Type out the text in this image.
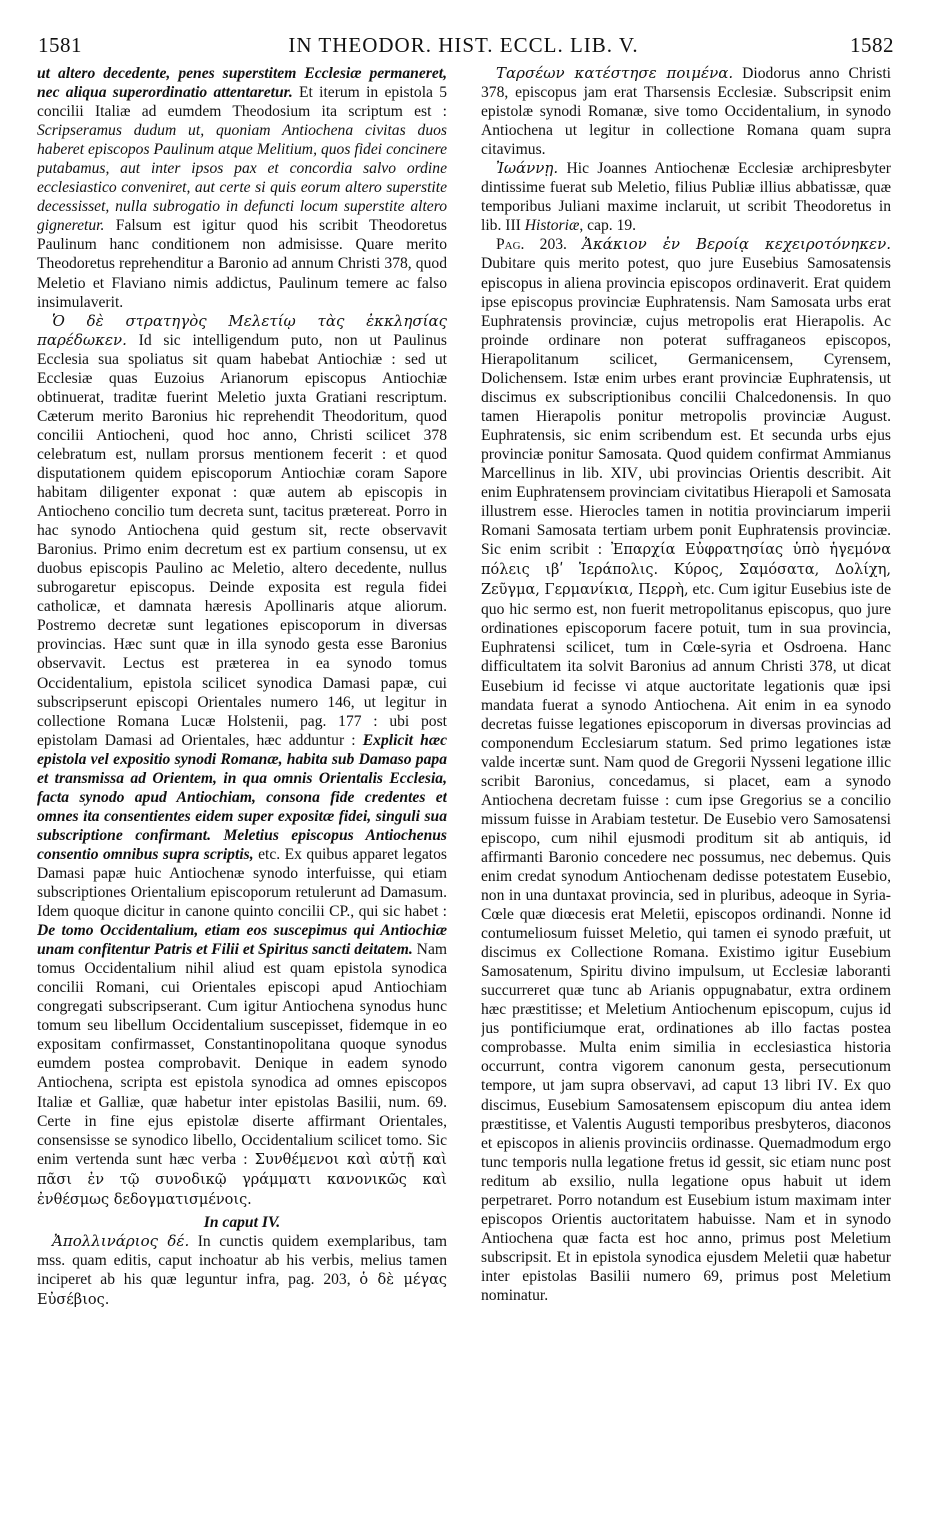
1581	IN THEODOR. HIST. ECCL. LIB. V.	1582

ut altero decedente, penes superstitem Ecclesiæ permaneret, nec aliqua superordinatio attentaretur. Et iterum in epistola 5 concilii Italiæ ad eumdem Theodosium ita scriptum est : Scripseramus dudum ut, quoniam Antiochena civitas duos haberet episcopos Paulinum atque Melitium, quos fidei concinere putabamus, aut inter ipsos pax et concordia salvo ordine ecclesiastico conveniret, aut certe si quis eorum altero superstite decessisset, nulla subrogatio in defuncti locum superstite altero gigneretur. Falsum est igitur quod his scribit Theodoretus Paulinum hanc conditionem non admisisse. Quare merito Theodoretus reprehenditur a Baronio ad annum Christi 378, quod Meletio et Flaviano nimis addictus, Paulinum temere ac falso insimulaverit.

Ὁ δὲ στρατηγὸς Μελετίῳ τὰς ἐκκλησίας παρέδωκεν. Id sic intelligendum puto, non ut Paulinus Ecclesia sua spoliatus sit quam habebat Antiochiæ : sed ut Ecclesiæ quas Euzoius Arianorum episcopus Antiochiæ obtinuerat, traditæ fuerint Meletio juxta Gratiani rescriptum. Cæterum merito Baronius hic reprehendit Theodoritum, quod concilii Antiocheni, quod hoc anno, Christi scilicet 378 celebratum est, nullam prorsus mentionem fecerit : et quod disputationem quidem episcoporum Antiochiæ coram Sapore habitam diligenter exponat : quæ autem ab episcopis in Antiocheno concilio tum decreta sunt, tacitus prætereat. Porro in hac synodo Antiochena quid gestum sit, recte observavit Baronius. Primo enim decretum est ex partium consensu, ut ex duobus episcopis Paulino ac Meletio, altero decedente, nullus subrogaretur episcopus. Deinde exposita est regula fidei catholicæ, et damnata hæresis Apollinaris atque aliorum. Postremo decretæ sunt legationes episcoporum in diversas provincias. Hæc sunt quæ in illa synodo gesta esse Baronius observavit. Lectus est præterea in ea synodo tomus Occidentalium, epistola scilicet synodica Damasi papæ, cui subscripserunt episcopi Orientales numero 146, ut legitur in collectione Romana Lucæ Holstenii, pag. 177 : ubi post epistolam Damasi ad Orientales, hæc adduntur : Explicit hæc epistola vel expositio synodi Romanæ, habita sub Damaso papa et transmissa ad Orientem, in qua omnis Orientalis Ecclesia, facta synodo apud Antiochiam, consona fide credentes et omnes ita consentientes eidem super expositæ fidei, singuli sua subscriptione confirmant. Meletius episcopus Antiochenus consentio omnibus supra scriptis, etc. Ex quibus apparet legatos Damasi papæ huic Antiochenæ synodo interfuisse, qui etiam subscriptiones Orientalium episcoporum retulerunt ad Damasum. Idem quoque dicitur in canone quinto concilii CP., qui sic habet : De tomo Occidentalium, etiam eos suscepimus qui Antiochiæ unam confitentur Patris et Filii et Spiritus sancti deitatem. Nam tomus Occidentalium nihil aliud est quam epistola synodica concilii Romani, cui Orientales episcopi apud Antiochiam congregati subscripserant. Cum igitur Antiochena synodus hunc tomum seu libellum Occidentalium suscepisset, fidemque in eo expositam confirmasset, Constantinopolitana quoque synodus eumdem postea comprobavit. Denique in eadem synodo Antiochena, scripta est epistola synodica ad omnes episcopos Italiæ et Galliæ, quæ habetur inter epistolas Basilii, num. 69. Certe in fine ejus epistolæ diserte affirmant Orientales, consensisse se synodico libello, Occidentalium scilicet tomo. Sic enim vertenda sunt hæc verba : Συνθέμενοι καὶ αὐτῇ καὶ πᾶσι ἐν τῷ συνοδικῷ γράμματι κανονικῶς καὶ ἐνθέσμως δεδογματισμένοις.

In caput IV.

Ἀπολλινάριος δέ. In cunctis quidem exemplaribus, tam mss. quam editis, caput inchoatur ab his verbis, melius tamen inciperet ab his quæ leguntur infra, pag. 203, ὁ δὲ μέγας Εὐσέβιος.

Ταρσέων κατέστησε ποιμένα. Diodorus anno Christi 378, episcopus jam erat Tharsensis Ecclesiæ. Subscripsit enim epistolæ synodi Romanæ, sive tomo Occidentalium, in synodo Antiochena ut legitur in collectione Romana quam supra citavimus.

Ἰωάννῃ. Hic Joannes Antiochenæ Ecclesiæ archipresbyter dintissime fuerat sub Meletio, filius Publiæ illius abbatissæ, quæ temporibus Juliani maxime inclaruit, ut scribit Theodoretus in lib. III Historiæ, cap. 19.

Pag. 203. Ἀκάκιον ἐν Βεροίᾳ κεχειροτόνηκεν. Dubitare quis merito potest, quo jure Eusebius Samosatensis episcopus in aliena provincia episcopos ordinaverit. Erat quidem ipse episcopus provinciæ Euphratensis. Nam Samosata urbs erat Euphratensis provinciæ, cujus metropolis erat Hierapolis. Ac proinde ordinare non poterat suffraganeos episcopos, Hierapolitanum scilicet, Germanicensem, Cyrensem, Dolichensem. Istæ enim urbes erant provinciæ Euphratensis, ut discimus ex subscriptionibus concilii Chalcedonensis. In quo tamen Hierapolis ponitur metropolis provinciæ August. Euphratensis, sic enim scribendum est. Et secunda urbs ejus provinciæ ponitur Samosata. Quod quidem confirmat Ammianus Marcellinus in lib. XIV, ubi provincias Orientis describit. Ait enim Euphratensem provinciam civitatibus Hierapoli et Samosata illustrem esse. Hierocles tamen in notitia provinciarum imperii Romani Samosata tertiam urbem ponit Euphratensis provinciæ. Sic enim scribit : Ἐπαρχία Εὐφρατησίας ὑπὸ ἡγεμόνα πόλεις ιβʹ Ἱεράπολις. Κύρος, Σαμόσατα, Δολίχη, Ζεῦγμα, Γερμανίκια, Περρὴ, etc. Cum igitur Eusebius iste de quo hic sermo est, non fuerit metropolitanus episcopus, quo jure ordinationes episcoporum facere potuit, tum in sua provincia, Euphratensi scilicet, tum in Cœle-syria et Osdroena. Hanc difficultatem ita solvit Baronius ad annum Christi 378, ut dicat Eusebium id fecisse vi atque auctoritate legationis quæ ipsi mandata fuerat a synodo Antiochena. Ait enim in ea synodo decretas fuisse legationes episcoporum in diversas provincias ad componendum Ecclesiarum statum. Sed primo legationes istæ valde incertæ sunt. Nam quod de Gregorii Nysseni legatione illic scribit Baronius, concedamus, si placet, eam a synodo Antiochena decretam fuisse : cum ipse Gregorius se a concilio missum fuisse in Arabiam testetur. De Eusebio vero Samosatensi episcopo, cum nihil ejusmodi proditum sit ab antiquis, id affirmanti Baronio concedere nec possumus, nec debemus. Quis enim credat synodum Antiochenam dedisse potestatem Eusebio, non in una duntaxat provincia, sed in pluribus, adeoque in Syria-Cœle quæ diœcesis erat Meletii, episcopos ordinandi. Nonne id contumeliosum fuisset Meletio, qui tamen ei synodo præfuit, ut discimus ex Collectione Romana. Existimo igitur Eusebium Samosatenum, Spiritu divino impulsum, ut Ecclesiæ laboranti succurreret quæ tunc ab Arianis oppugnabatur, extra ordinem hæc præstitisse; et Meletium Antiochenum episcopum, cujus id jus pontificiumque erat, ordinationes ab illo factas postea comprobasse. Multa enim similia in ecclesiastica historia occurrunt, contra vigorem canonum gesta, persecutionum tempore, ut jam supra observavi, ad caput 13 libri IV. Ex quo discimus, Eusebium Samosatensem episcopum diu antea idem præstitisse, et Valentis Augusti temporibus presbyteros, diaconos et episcopos in alienis provinciis ordinasse. Quemadmodum ergo tunc temporis nulla legatione fretus id gessit, sic etiam nunc post reditum ab exsilio, nulla legatione opus habuit ut idem perpetraret. Porro notandum est Eusebium istum maximam inter episcopos Orientis auctoritatem habuisse. Nam et in synodo Antiochena quæ facta est hoc anno, primus post Meletium subscripsit. Et in epistola synodica ejusdem Meletii quæ habetur inter epistolas Basilii numero 69, primus post Meletium nominatur.
